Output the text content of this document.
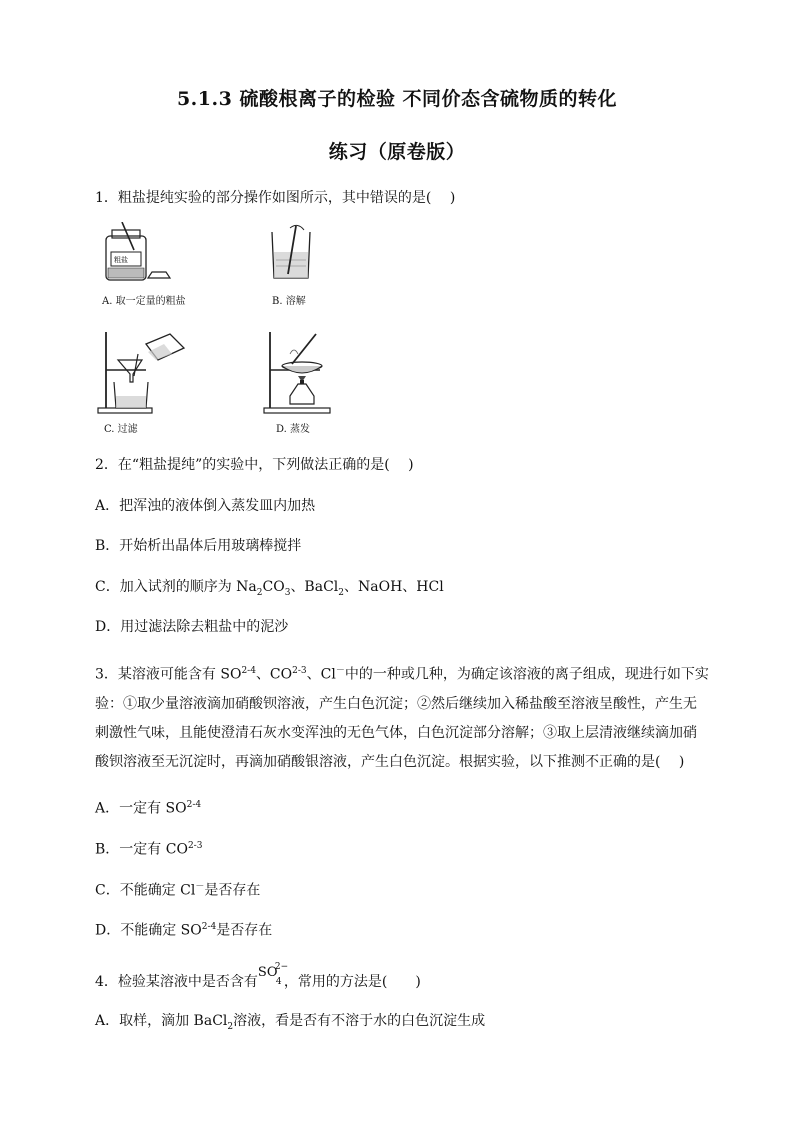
5.1.3 硫酸根离子的检验 不同价态含硫物质的转化
练习（原卷版）
1．粗盐提纯实验的部分操作如图所示，其中错误的是(　 )
粗盐
A. 取一定量的粗盐	B. 溶解
C. 过滤	D. 蒸发
2．在“粗盐提纯”的实验中，下列做法正确的是(　 )
A．把浑浊的液体倒入蒸发皿内加热
B．开始析出晶体后用玻璃棒搅拌
C．加入试剂的顺序为 $Na_2CO_3$、BaCl$_2$、NaOH、HCl
D．用过滤法除去粗盐中的泥沙
3．某溶液可能含有 SO$^{2-4}$、CO$^{2-3}$、Cl－中的一种或几种，为确定该溶液的离子组成，现进行如下实验：①取少量溶液滴加硝酸钡溶液，产生白色沉淀；②然后继续加入稀盐酸至溶液呈酸性，产生无刺激性气味，且能使澄清石灰水变浑浊的无色气体，白色沉淀部分溶解；③取上层清液继续滴加硝酸钡溶液至无沉淀时，再滴加硝酸银溶液，产生白色沉淀。根据实验，以下推测不正确的是(　 )
A．一定有 SO$^{2-4}$
B．一定有 CO$^{2-3}$
C．不能确定 Cl－是否存在
D．不能确定 SO$^{2-4}$是否存在
4．检验某溶液中是否含有
SO
2−
4 ，常用的方法是(　　)
A．取样，滴加 BaCl$_2$溶液，看是否有不溶于水的白色沉淀生成
